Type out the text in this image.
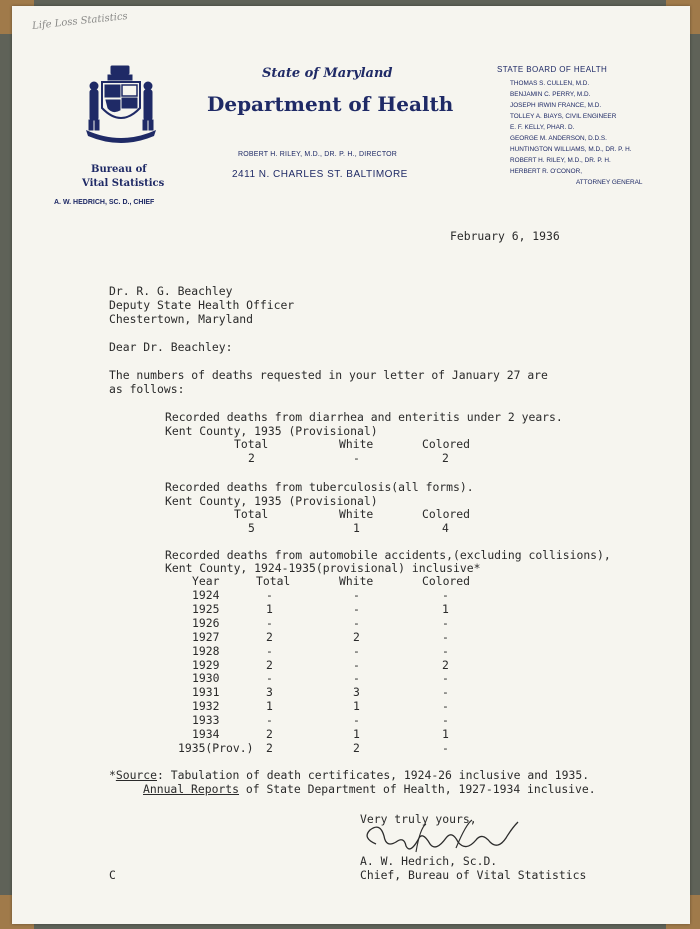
Life Loss Statistics
State of Maryland
Department of Health
ROBERT H. RILEY, M.D., DR. P. H., DIRECTOR
2411 N. CHARLES ST. BALTIMORE
Bureau of
Vital Statistics
A. W. HEDRICH, SC. D., CHIEF
STATE BOARD OF HEALTH
THOMAS S. CULLEN, M.D.
BENJAMIN C. PERRY, M.D.
JOSEPH IRWIN FRANCE, M.D.
TOLLEY A. BIAYS, CIVIL ENGINEER
E. F. KELLY, PHAR. D.
GEORGE M. ANDERSON, D.D.S.
HUNTINGTON WILLIAMS, M.D., DR. P. H.
ROBERT H. RILEY, M.D., DR. P. H.
HERBERT R. O'CONOR,
ATTORNEY GENERAL
February 6, 1936
Dr. R. G. Beachley
Deputy State Health Officer
Chestertown, Maryland
Dear Dr. Beachley:
The numbers of deaths requested in your letter of January 27 are
as follows:
Recorded deaths from diarrhea and enteritis under 2 years.
Kent County, 1935 (Provisional)
Total	White	Colored
2	-	2
Recorded deaths from tuberculosis(all forms).
Kent County, 1935 (Provisional)
Total	White	Colored
5	1	4
Recorded deaths from automobile accidents,(excluding collisions),
Kent County, 1924-1935(provisional) inclusive*
Year	Total	White	Colored
1924	-	-	-
1925	1	-	1
1926	-	-	-
1927	2	2	-
1928	-	-	-
1929	2	-	2
1930	-	-	-
1931	3	3	-
1932	1	1	-
1933	-	-	-
1934	2	1	1
1935(Prov.) 2	2	-
*Source: Tabulation of death certificates, 1924-26 inclusive and 1935.
Annual Reports of State Department of Health, 1927-1934 inclusive.
Very truly yours,
A. W. Hedrich, Sc.D.
Chief, Bureau of Vital Statistics
C
